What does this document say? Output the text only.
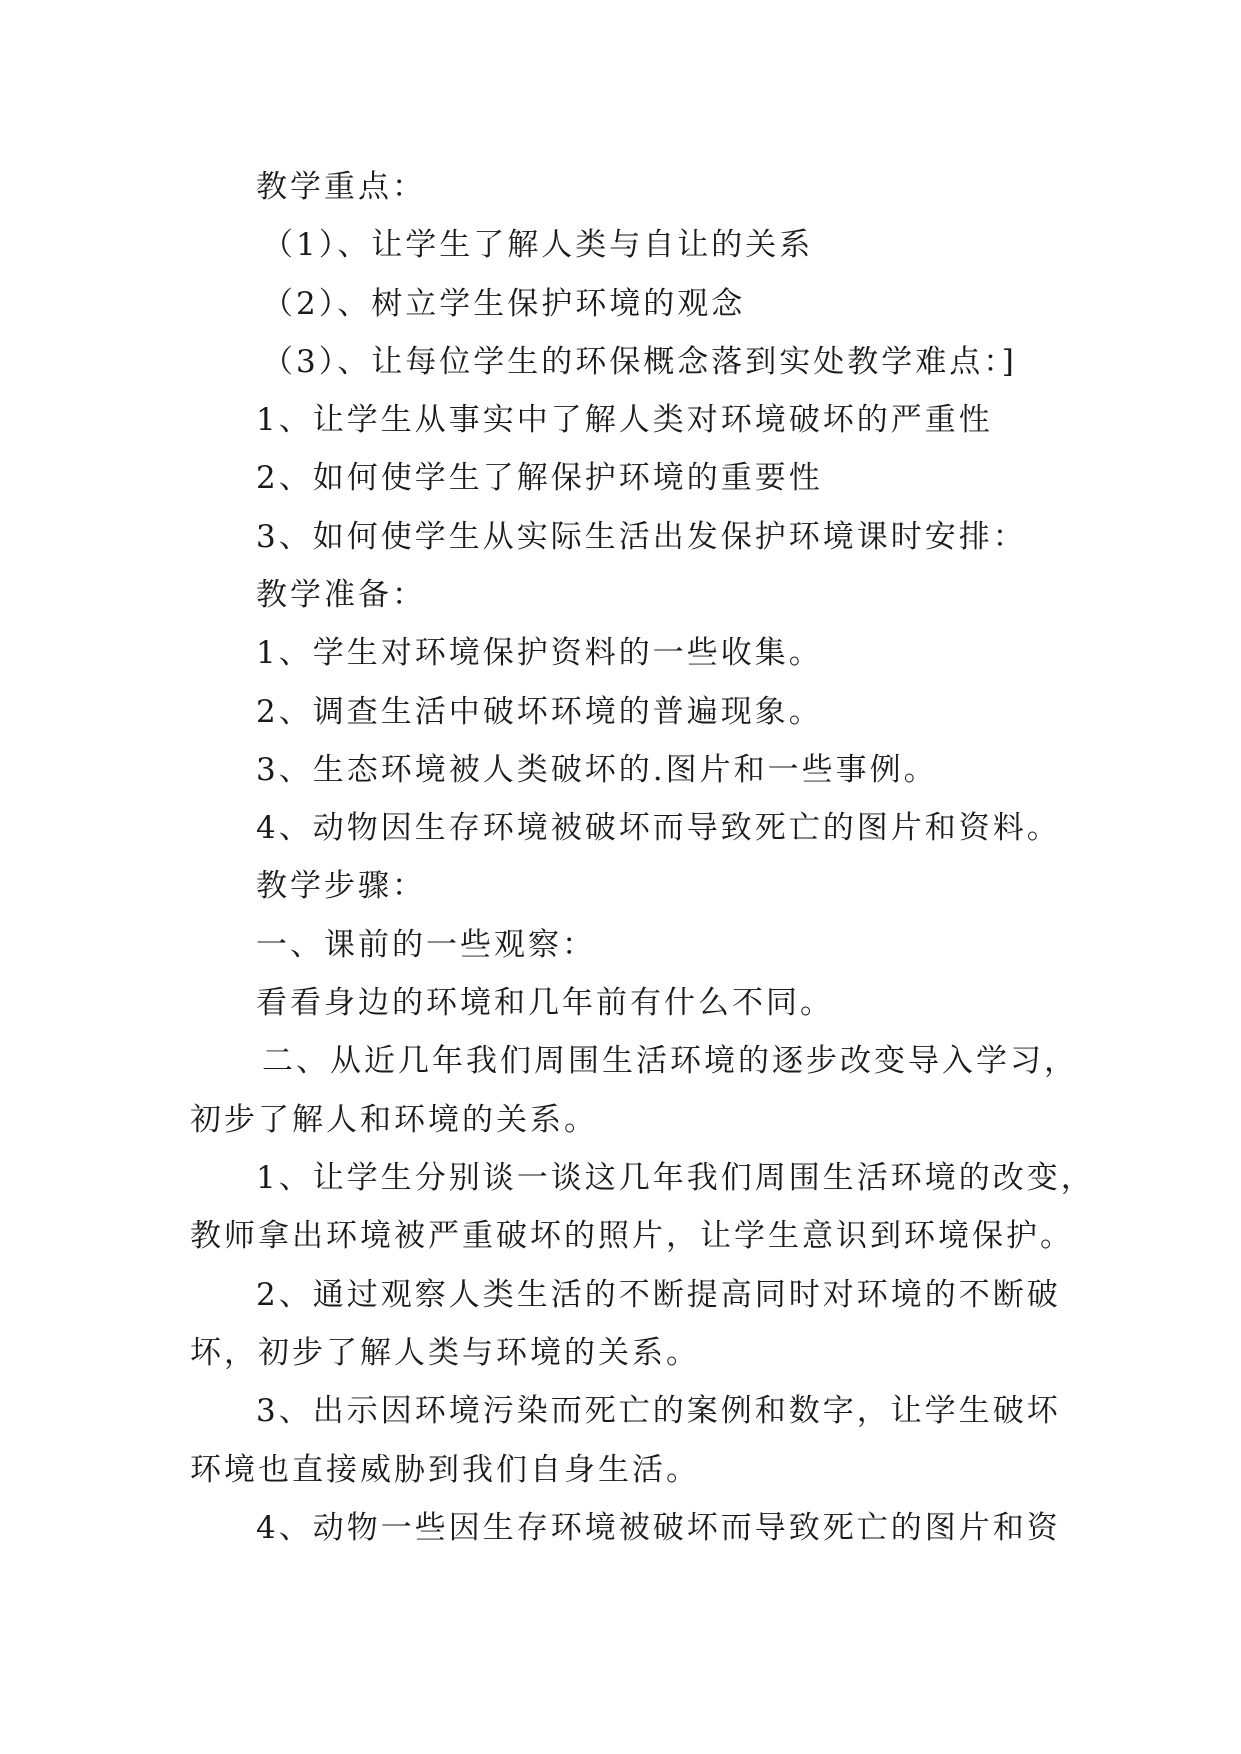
教学重点：
（1）、让学生了解人类与自让的关系
（2）、树立学生保护环境的观念
（3）、让每位学生的环保概念落到实处教学难点：]
1、让学生从事实中了解人类对环境破坏的严重性
2、如何使学生了解保护环境的重要性
3、如何使学生从实际生活出发保护环境课时安排：
教学准备：
1、学生对环境保护资料的一些收集。
2、调查生活中破坏环境的普遍现象。
3、生态环境被人类破坏的.图片和一些事例。
4、动物因生存环境被破坏而导致死亡的图片和资料。
教学步骤：
一、课前的一些观察：
看看身边的环境和几年前有什么不同。
二、从近几年我们周围生活环境的逐步改变导入学习，
初步了解人和环境的关系。
1、让学生分别谈一谈这几年我们周围生活环境的改变，
教师拿出环境被严重破坏的照片，让学生意识到环境保护。
2、通过观察人类生活的不断提高同时对环境的不断破
坏，初步了解人类与环境的关系。
3、出示因环境污染而死亡的案例和数字，让学生破坏
环境也直接威胁到我们自身生活。
4、动物一些因生存环境被破坏而导致死亡的图片和资
